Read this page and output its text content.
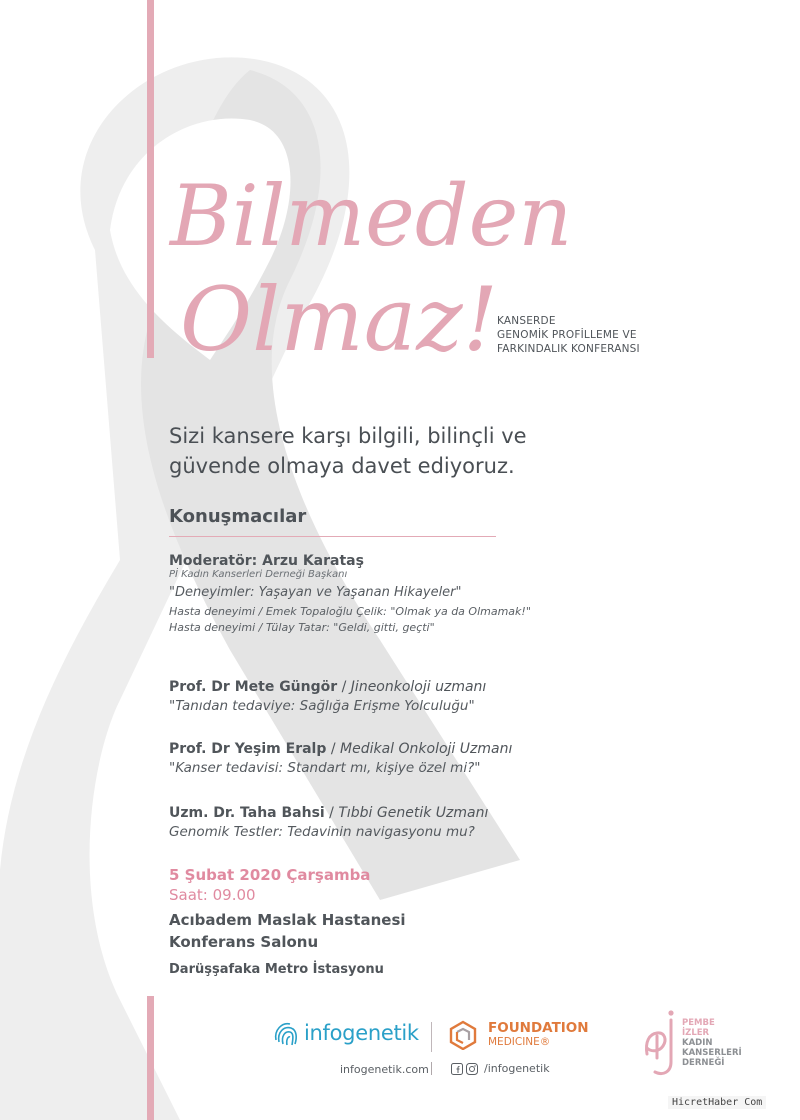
Bilmeden
Olmaz! KANSERDE
GENOMİK PROFİLLEME VE
FARKINDALIK KONFERANSI
Sizi kansere karşı bilgili, bilinçli ve
güvende olmaya davet ediyoruz.
Konuşmacılar
Moderatör: Arzu Karataş
Pİ Kadın Kanserleri Derneği Başkanı
"Deneyimler: Yaşayan ve Yaşanan Hikayeler"
Hasta deneyimi / Emek Topaloğlu Çelik: "Olmak ya da Olmamak!"
Hasta deneyimi / Tülay Tatar: "Geldi, gitti, geçti"
Prof. Dr Mete Güngör / Jineonkoloji uzmanı
"Tanıdan tedaviye: Sağlığa Erişme Yolculuğu"
Prof. Dr Yeşim Eralp / Medikal Onkoloji Uzmanı
"Kanser tedavisi: Standart mı, kişiye özel mi?"
Uzm. Dr. Taha Bahsi / Tıbbi Genetik Uzmanı
Genomik Testler: Tedavinin navigasyonu mu?
5 Şubat 2020 Çarşamba
Saat: 09.00
Acıbadem Maslak Hastanesi
Konferans Salonu
Darüşşafaka Metro İstasyonu
infogenetik	FOUNDATION
MEDICINE®
infogenetik.com	/infogenetik
PEMBE
İZLER
KADIN
KANSERLERİ
DERNEĞİ
HicretHaber Com
